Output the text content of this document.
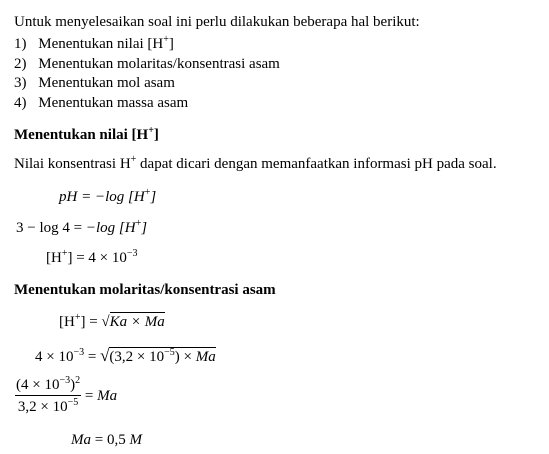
Untuk menyelesaikan soal ini perlu dilakukan beberapa hal berikut:
1) Menentukan nilai [H+]
2) Menentukan molaritas/konsentrasi asam
3) Menentukan mol asam
4) Menentukan massa asam
Menentukan nilai [H+]
Nilai konsentrasi H+ dapat dicari dengan memanfaatkan informasi pH pada soal.
pH = −log [H+]
3 − log 4 = −log [H+]
$[H^+] = 4 \times 10^{-3}$
Menentukan molaritas/konsentrasi asam
[H+] = √Ka × Ma
$4 \times 10^{-3} = √(3,2 \times 10^{-5}) \times Ma$
$\frac{(4 \times 10^{-3})^2}{3,2 \times 10^{-5}} = Ma$
Ma = 0,5 M
